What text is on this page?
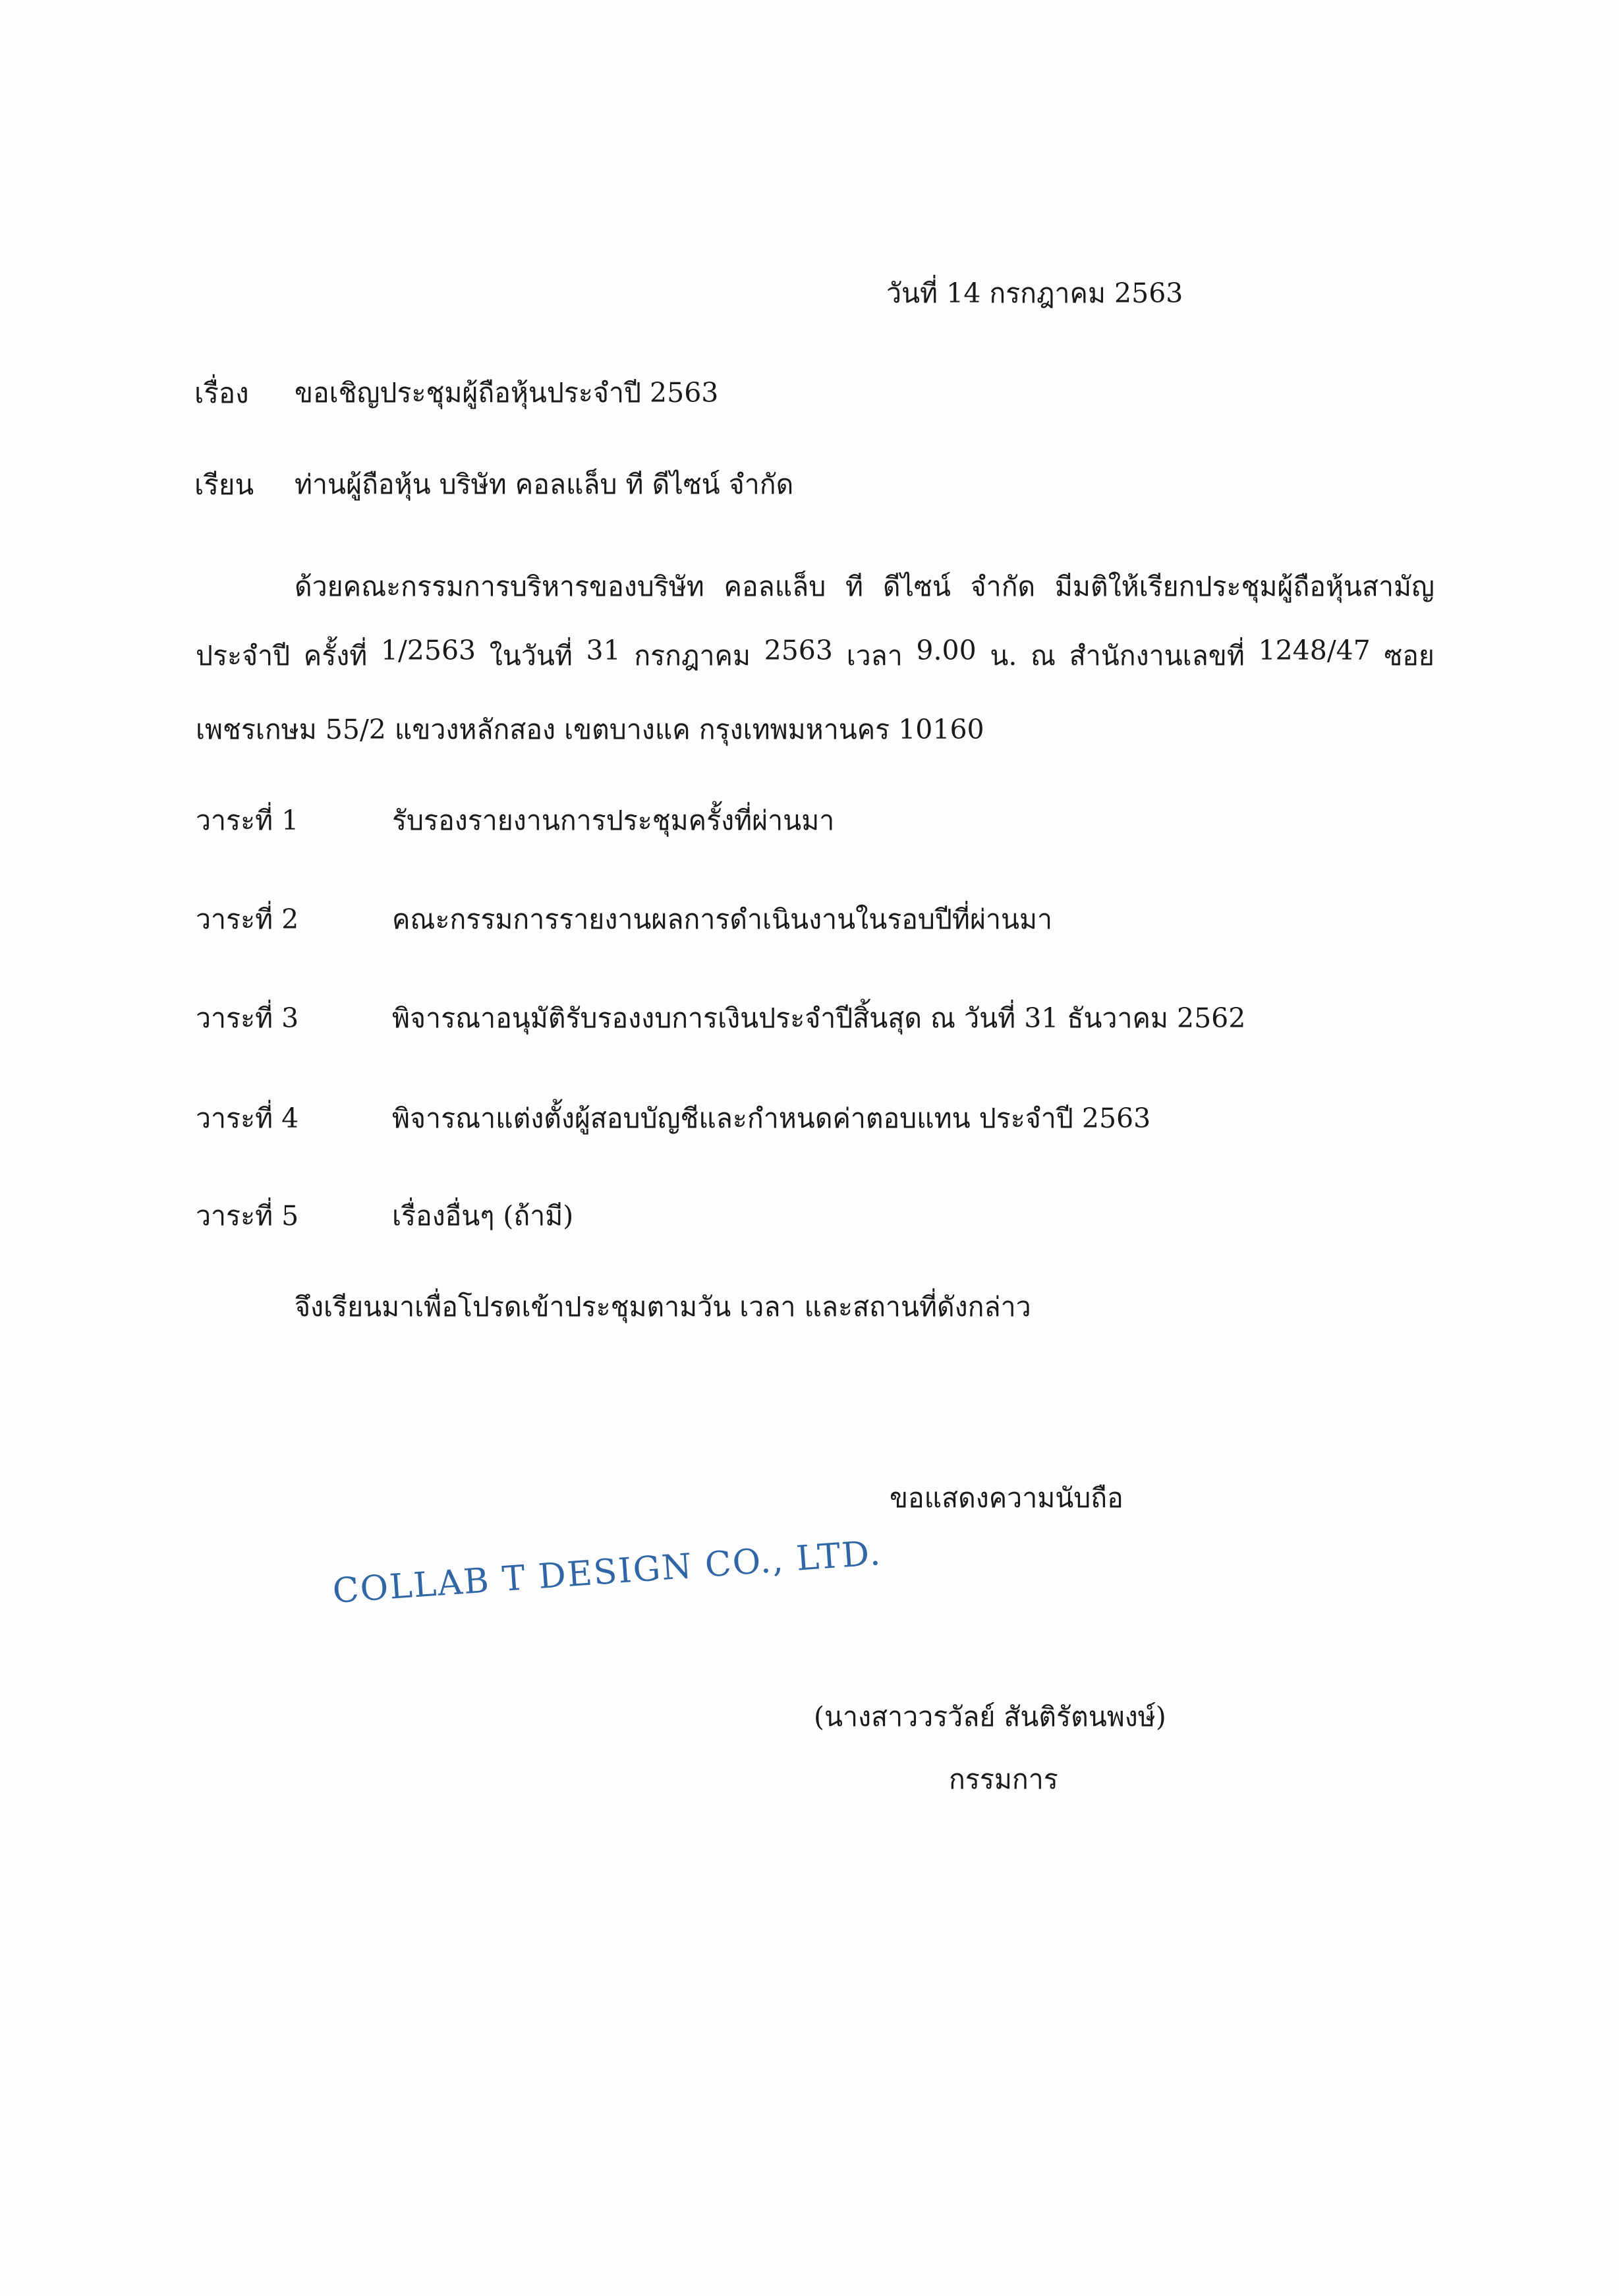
วันที่ 14 กรกฎาคม 2563
เรื่อง ขอเชิญประชุมผู้ถือหุ้นประจำปี 2563
เรียน ท่านผู้ถือหุ้น บริษัท คอลแล็บ ที ดีไซน์ จำกัด
ด้วยคณะกรรมการบริหารของบริษัท คอลแล็บ ที ดีไซน์ จำกัด มีมติให้เรียกประชุมผู้ถือหุ้นสามัญ
ประจำปี ครั้งที่ 1/2563 ในวันที่ 31 กรกฎาคม 2563 เวลา 9.00 น. ณ สำนักงานเลขที่ 1248/47 ซอย
เพชรเกษม 55/2 แขวงหลักสอง เขตบางแค กรุงเทพมหานคร 10160
วาระที่ 1	รับรองรายงานการประชุมครั้งที่ผ่านมา
วาระที่ 2	คณะกรรมการรายงานผลการดำเนินงานในรอบปีที่ผ่านมา
วาระที่ 3	พิจารณาอนุมัติรับรองงบการเงินประจำปีสิ้นสุด ณ วันที่ 31 ธันวาคม 2562
วาระที่ 4	พิจารณาแต่งตั้งผู้สอบบัญชีและกำหนดค่าตอบแทน ประจำปี 2563
วาระที่ 5	เรื่องอื่นๆ (ถ้ามี)
จึงเรียนมาเพื่อโปรดเข้าประชุมตามวัน เวลา และสถานที่ดังกล่าว
ขอแสดงความนับถือ
COLLAB T DESIGN CO., LTD.
(นางสาววรวัลย์ สันติรัตนพงษ์)
กรรมการ
